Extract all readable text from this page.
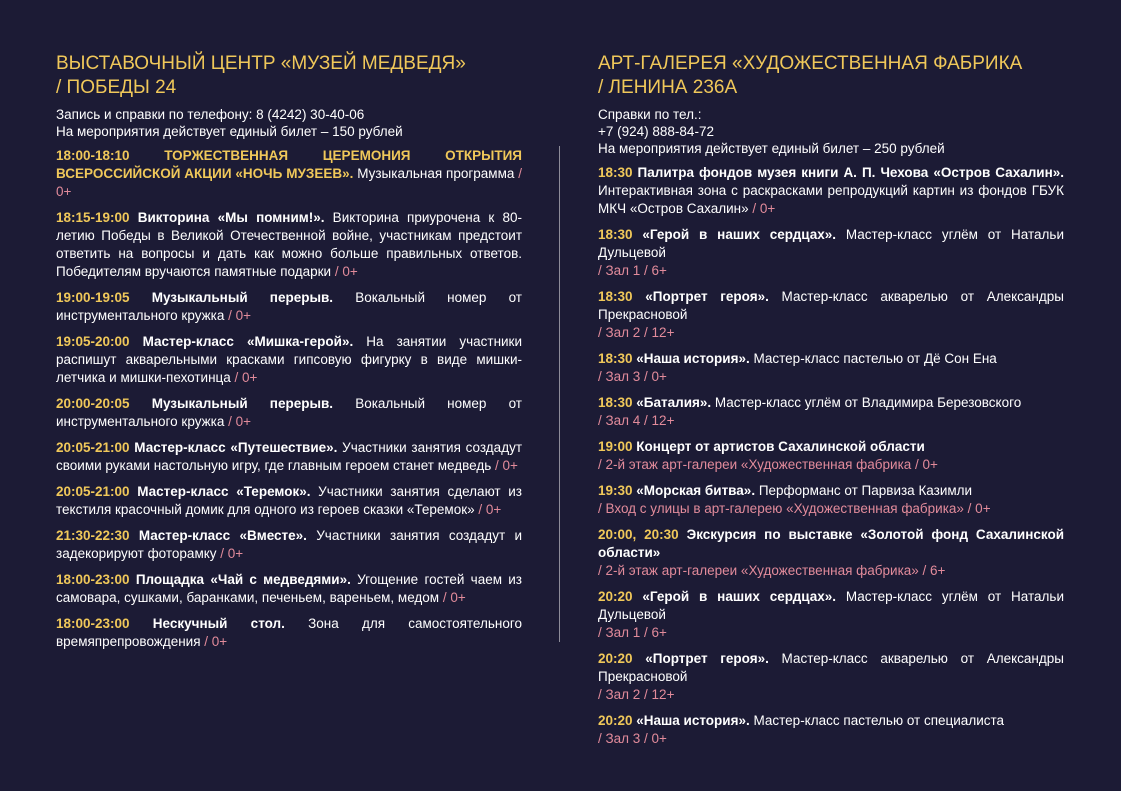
ВЫСТАВОЧНЫЙ ЦЕНТР «МУЗЕЙ МЕДВЕДЯ»
/ ПОБЕДЫ 24
Запись и справки по телефону: 8 (4242) 30-40-06
На мероприятия действует единый билет – 150 рублей
18:00-18:10 ТОРЖЕСТВЕННАЯ ЦЕРЕМОНИЯ ОТКРЫТИЯ ВСЕРОССИЙСКОЙ АКЦИИ «НОЧЬ МУЗЕЕВ». Музыкальная программа / 0+
18:15-19:00 Викторина «Мы помним!». Викторина приурочена к 80-летию Победы в Великой Отечественной войне, участникам предстоит ответить на вопросы и дать как можно больше правильных ответов. Победителям вручаются памятные подарки / 0+
19:00-19:05 Музыкальный перерыв. Вокальный номер от инструментального кружка / 0+
19:05-20:00 Мастер-класс «Мишка-герой». На занятии участники распишут акварельными красками гипсовую фигурку в виде мишки-летчика и мишки-пехотинца / 0+
20:00-20:05 Музыкальный перерыв. Вокальный номер от инструментального кружка / 0+
20:05-21:00 Мастер-класс «Путешествие». Участники занятия создадут своими руками настольную игру, где главным героем станет медведь / 0+
20:05-21:00 Мастер-класс «Теремок». Участники занятия сделают из текстиля красочный домик для одного из героев сказки «Теремок» / 0+
21:30-22:30 Мастер-класс «Вместе». Участники занятия создадут и задекорируют фоторамку / 0+
18:00-23:00 Площадка «Чай с медведями». Угощение гостей чаем из самовара, сушками, баранками, печеньем, вареньем, медом / 0+
18:00-23:00 Нескучный стол. Зона для самостоятельного времяпрепровождения / 0+
АРТ-ГАЛЕРЕЯ «ХУДОЖЕСТВЕННАЯ ФАБРИКА
/ ЛЕНИНА 236А
Справки по тел.:
+7 (924) 888-84-72
На мероприятия действует единый билет – 250 рублей
18:30 Палитра фондов музея книги А. П. Чехова «Остров Сахалин». Интерактивная зона с раскрасками репродукций картин из фондов ГБУК МКЧ «Остров Сахалин» / 0+
18:30 «Герой в наших сердцах». Мастер-класс углём от Натальи Дульцевой
/ Зал 1 / 6+
18:30 «Портрет героя». Мастер-класс акварелью от Александры Прекрасновой
/ Зал 2 / 12+
18:30 «Наша история». Мастер-класс пастелью от Дё Сон Ена
/ Зал 3 / 0+
18:30 «Баталия». Мастер-класс углём от Владимира Березовского
/ Зал 4 / 12+
19:00 Концерт от артистов Сахалинской области
/ 2-й этаж арт-галереи «Художественная фабрика / 0+
19:30 «Морская битва». Перформанс от Парвиза Казимли
/ Вход с улицы в арт-галерею «Художественная фабрика» / 0+
20:00, 20:30 Экскурсия по выставке «Золотой фонд Сахалинской области»
/ 2-й этаж арт-галереи «Художественная фабрика» / 6+
20:20 «Герой в наших сердцах». Мастер-класс углём от Натальи Дульцевой
/ Зал 1 / 6+
20:20 «Портрет героя». Мастер-класс акварелью от Александры Прекрасновой
/ Зал 2 / 12+
20:20 «Наша история». Мастер-класс пастелью от специалиста
/ Зал 3 / 0+
